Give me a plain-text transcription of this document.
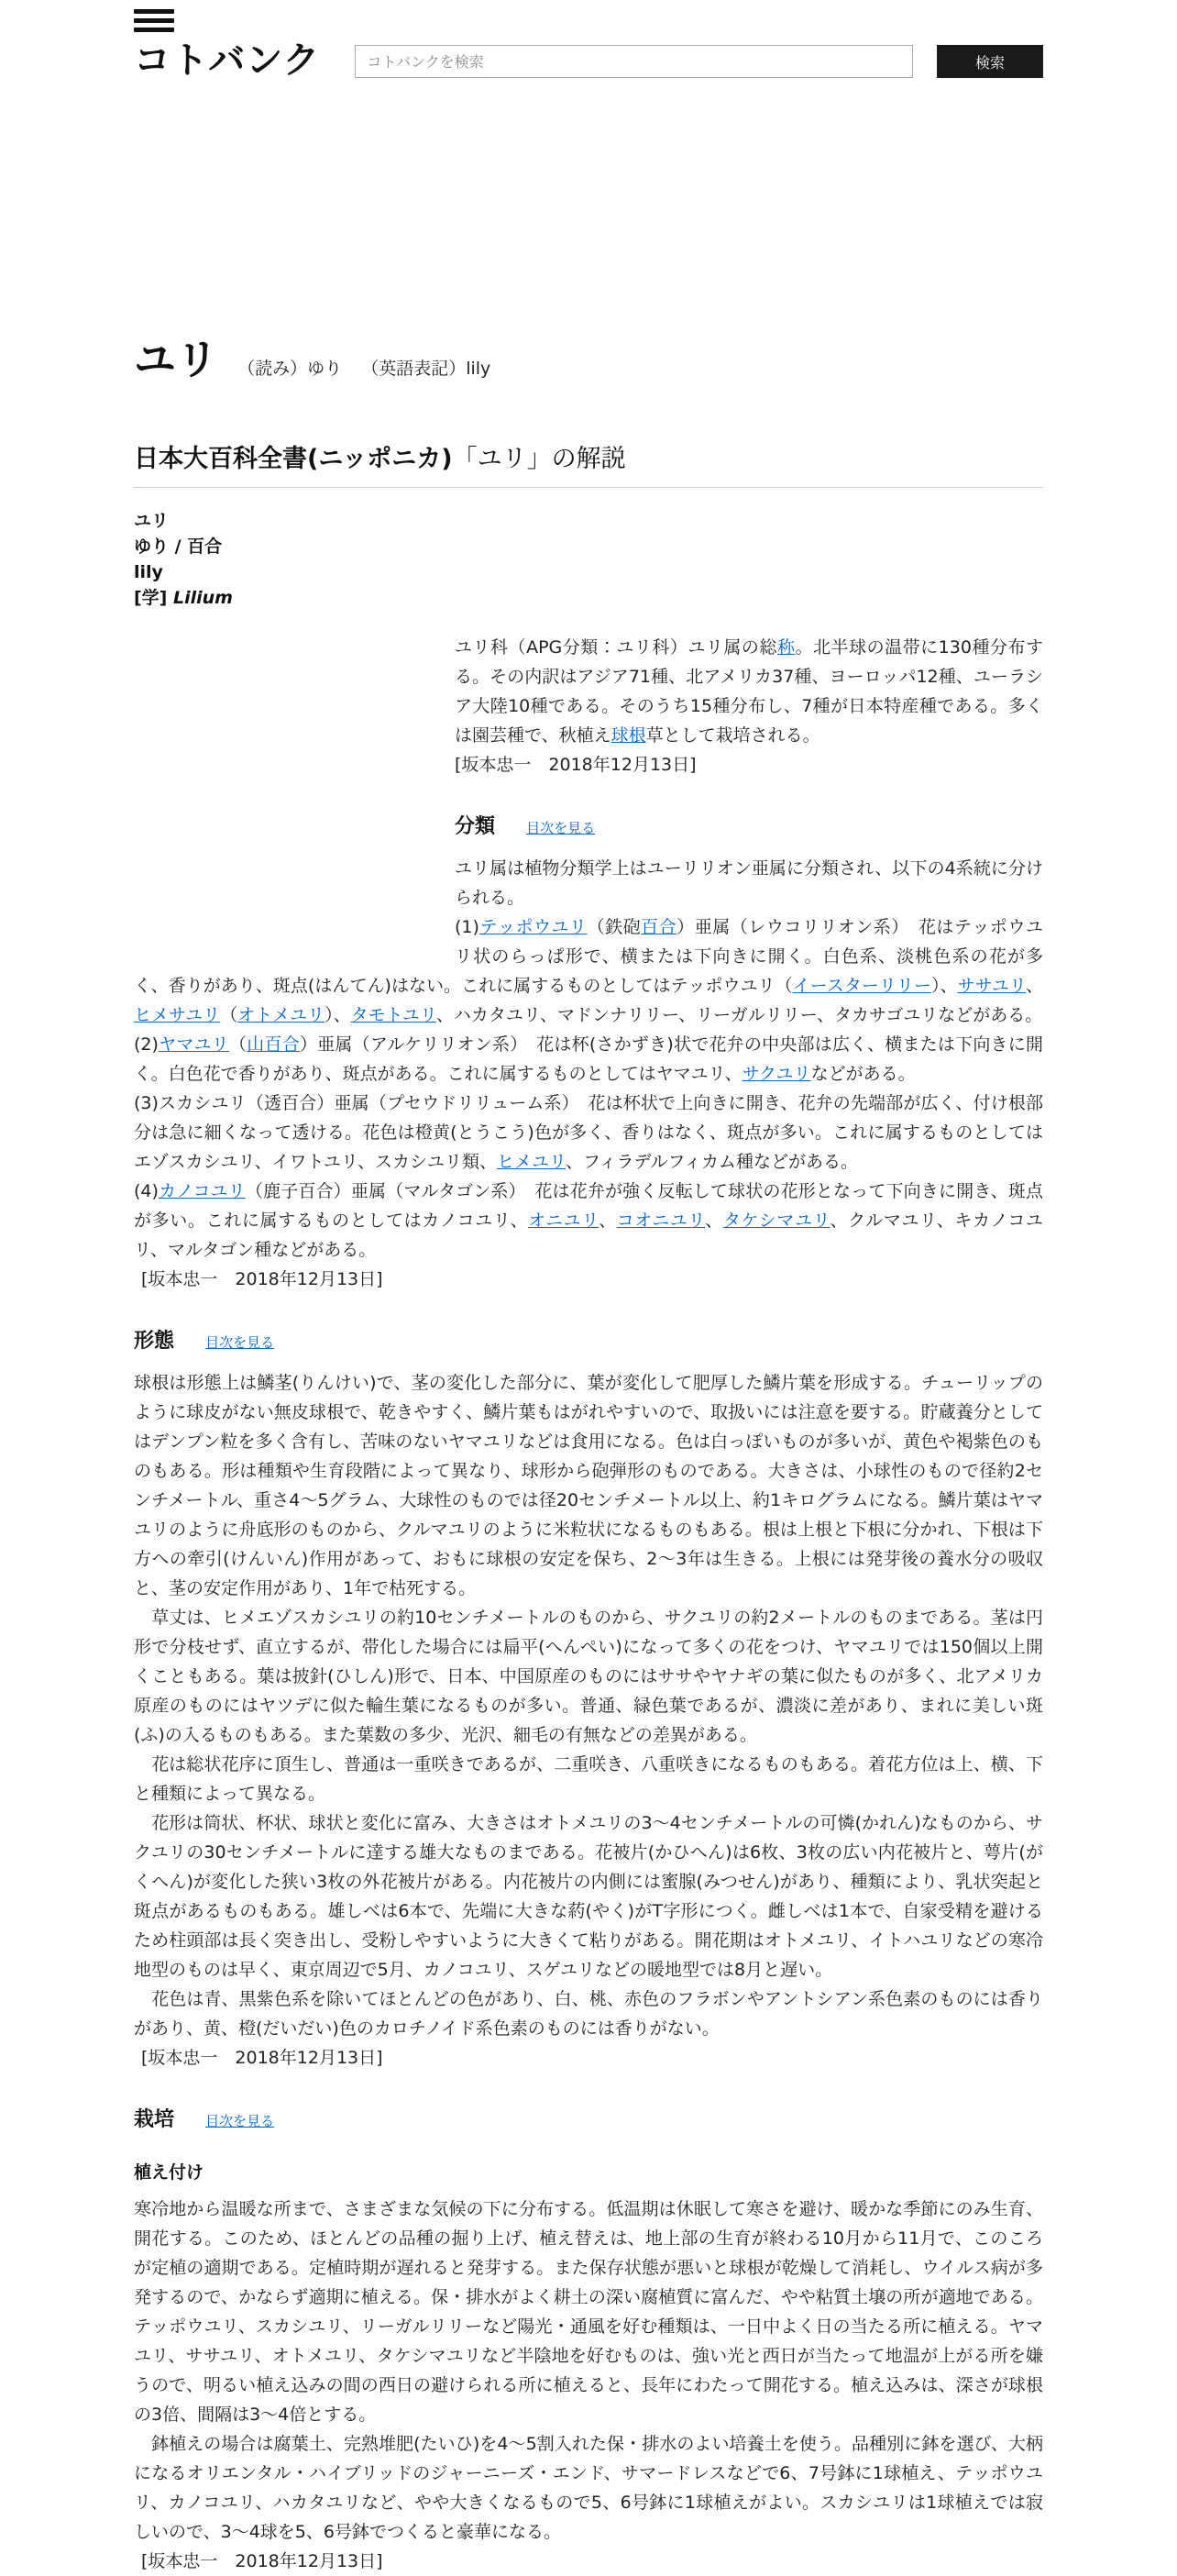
コトバンク
コトバンクを検索	検索
ユリ （読み）ゆり （英語表記）lily
日本大百科全書(ニッポニカ)「ユリ」の解説

ユリ

ゆり / 百合

lily

[学] Lilium

ユリ科（APG分類：ユリ科）ユリ属の総称。北半球の温帯に130種分布する。その内訳はアジア71種、北アメリカ37種、ヨーロッパ12種、ユーラシア大陸10種である。そのうち15種分布し、7種が日本特産種である。多くは園芸種で、秋植え球根草として栽培される。

[坂本忠一　2018年12月13日]

分類 目次を見る

ユリ属は植物分類学上はユーリリオン亜属に分類され、以下の4系統に分けられる。

(1)テッポウユリ（鉄砲百合）亜属（レウコリリオン系）　花はテッポウユリ状のらっぱ形で、横または下向きに開く。白色系、淡桃色系の花が多く、香りがあり、斑点(はんてん)はない。これに属するものとしてはテッポウユリ（イースターリリー）、ササユリ、ヒメサユリ（オトメユリ）、タモトユリ、ハカタユリ、マドンナリリー、リーガルリリー、タカサゴユリなどがある。

(2)ヤマユリ（山百合）亜属（アルケリリオン系）　花は杯(さかずき)状で花弁の中央部は広く、横または下向きに開く。白色花で香りがあり、斑点がある。これに属するものとしてはヤマユリ、サクユリなどがある。

(3)スカシユリ（透百合）亜属（プセウドリリューム系）　花は杯状で上向きに開き、花弁の先端部が広く、付け根部分は急に細くなって透ける。花色は橙黄(とうこう)色が多く、香りはなく、斑点が多い。これに属するものとしてはエゾスカシユリ、イワトユリ、スカシユリ類、ヒメユリ、フィラデルフィカム種などがある。

(4)カノコユリ（鹿子百合）亜属（マルタゴン系）　花は花弁が強く反転して球状の花形となって下向きに開き、斑点が多い。これに属するものとしてはカノコユリ、オニユリ、コオニユリ、タケシマユリ、クルマユリ、キカノコユリ、マルタゴン種などがある。

[坂本忠一　2018年12月13日]

形態 目次を見る

球根は形態上は鱗茎(りんけい)で、茎の変化した部分に、葉が変化して肥厚した鱗片葉を形成する。チューリップのように球皮がない無皮球根で、乾きやすく、鱗片葉もはがれやすいので、取扱いには注意を要する。貯蔵養分としてはデンプン粒を多く含有し、苦味のないヤマユリなどは食用になる。色は白っぽいものが多いが、黄色や褐紫色のものもある。形は種類や生育段階によって異なり、球形から砲弾形のものである。大きさは、小球性のもので径約2センチメートル、重さ4～5グラム、大球性のものでは径20センチメートル以上、約1キログラムになる。鱗片葉はヤマユリのように舟底形のものから、クルマユリのように米粒状になるものもある。根は上根と下根に分かれ、下根は下方への牽引(けんいん)作用があって、おもに球根の安定を保ち、2～3年は生きる。上根には発芽後の養水分の吸収と、茎の安定作用があり、1年で枯死する。

　草丈は、ヒメエゾスカシユリの約10センチメートルのものから、サクユリの約2メートルのものまである。茎は円形で分枝せず、直立するが、帯化した場合には扁平(へんぺい)になって多くの花をつけ、ヤマユリでは150個以上開くこともある。葉は披針(ひしん)形で、日本、中国原産のものにはササやヤナギの葉に似たものが多く、北アメリカ原産のものにはヤツデに似た輪生葉になるものが多い。普通、緑色葉であるが、濃淡に差があり、まれに美しい斑(ふ)の入るものもある。また葉数の多少、光沢、細毛の有無などの差異がある。

　花は総状花序に頂生し、普通は一重咲きであるが、二重咲き、八重咲きになるものもある。着花方位は上、横、下と種類によって異なる。

　花形は筒状、杯状、球状と変化に富み、大きさはオトメユリの3～4センチメートルの可憐(かれん)なものから、サクユリの30センチメートルに達する雄大なものまである。花被片(かひへん)は6枚、3枚の広い内花被片と、萼片(がくへん)が変化した狭い3枚の外花被片がある。内花被片の内側には蜜腺(みつせん)があり、種類により、乳状突起と斑点があるものもある。雄しべは6本で、先端に大きな葯(やく)がT字形につく。雌しべは1本で、自家受精を避けるため柱頭部は長く突き出し、受粉しやすいように大きくて粘りがある。開花期はオトメユリ、イトハユリなどの寒冷地型のものは早く、東京周辺で5月、カノコユリ、スゲユリなどの暖地型では8月と遅い。

　花色は青、黒紫色系を除いてほとんどの色があり、白、桃、赤色のフラボンやアントシアン系色素のものには香りがあり、黄、橙(だいだい)色のカロチノイド系色素のものには香りがない。

[坂本忠一　2018年12月13日]

栽培 目次を見る
植え付け

寒冷地から温暖な所まで、さまざまな気候の下に分布する。低温期は休眠して寒さを避け、暖かな季節にのみ生育、開花する。このため、ほとんどの品種の掘り上げ、植え替えは、地上部の生育が終わる10月から11月で、このころが定植の適期である。定植時期が遅れると発芽する。また保存状態が悪いと球根が乾燥して消耗し、ウイルス病が多発するので、かならず適期に植える。保・排水がよく耕土の深い腐植質に富んだ、やや粘質土壌の所が適地である。テッポウユリ、スカシユリ、リーガルリリーなど陽光・通風を好む種類は、一日中よく日の当たる所に植える。ヤマユリ、ササユリ、オトメユリ、タケシマユリなど半陰地を好むものは、強い光と西日が当たって地温が上がる所を嫌うので、明るい植え込みの間の西日の避けられる所に植えると、長年にわたって開花する。植え込みは、深さが球根の3倍、間隔は3～4倍とする。

　鉢植えの場合は腐葉土、完熟堆肥(たいひ)を4～5割入れた保・排水のよい培養土を使う。品種別に鉢を選び、大柄になるオリエンタル・ハイブリッドのジャーニーズ・エンド、サマードレスなどで6、7号鉢に1球植え、テッポウユリ、カノコユリ、ハカタユリなど、やや大きくなるもので5、6号鉢に1球植えがよい。スカシユリは1球植えでは寂しいので、3～4球を5、6号鉢でつくると豪華になる。

[坂本忠一　2018年12月13日]
